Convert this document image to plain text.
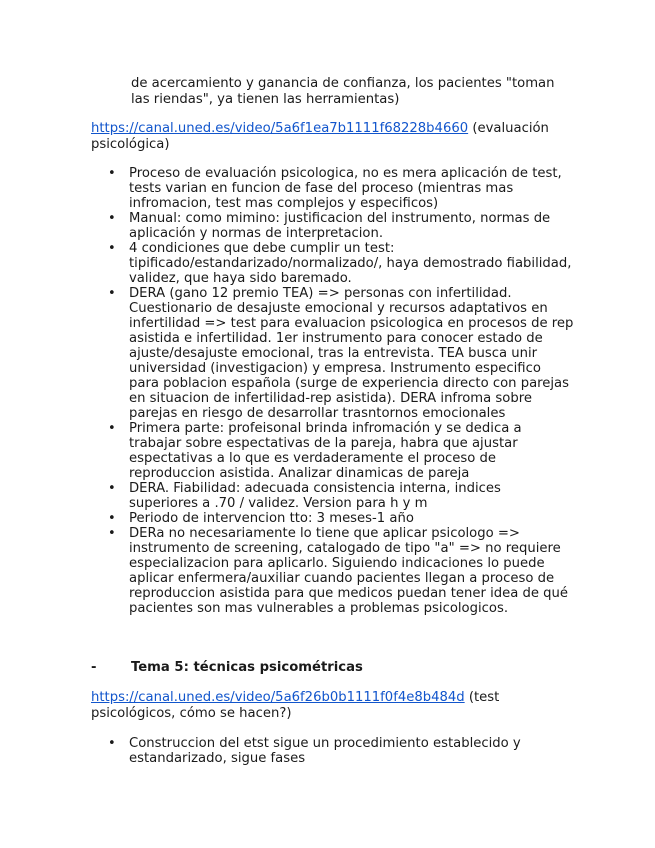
de acercamiento y ganancia de confianza, los pacientes "toman
las riendas", ya tienen las herramientas)
https://canal.uned.es/video/5a6f1ea7b1111f68228b4660 (evaluación
psicológica)
• Proceso de evaluación psicologica, no es mera aplicación de test,
tests varian en funcion de fase del proceso (mientras mas
infromacion, test mas complejos y especificos)
• Manual: como mimino: justificacion del instrumento, normas de
aplicación y normas de interpretacion.
• 4 condiciones que debe cumplir un test:
tipificado/estandarizado/normalizado/, haya demostrado fiabilidad,
validez, que haya sido baremado.
• DERA (gano 12 premio TEA) => personas con infertilidad.
Cuestionario de desajuste emocional y recursos adaptativos en
infertilidad => test para evaluacion psicologica en procesos de rep
asistida e infertilidad. 1er instrumento para conocer estado de
ajuste/desajuste emocional, tras la entrevista. TEA busca unir
universidad (investigacion) y empresa. Instrumento especifico
para poblacion española (surge de experiencia directo con parejas
en situacion de infertilidad-rep asistida). DERA infroma sobre
parejas en riesgo de desarrollar trasntornos emocionales
• Primera parte: profeisonal brinda infromación y se dedica a
trabajar sobre espectativas de la pareja, habra que ajustar
espectativas a lo que es verdaderamente el proceso de
reproduccion asistida. Analizar dinamicas de pareja
• DERA. Fiabilidad: adecuada consistencia interna, indices
superiores a .70 / validez. Version para h y m
• Periodo de intervencion tto: 3 meses-1 año
• DERa no necesariamente lo tiene que aplicar psicologo =>
instrumento de screening, catalogado de tipo "a" => no requiere
especializacion para aplicarlo. Siguiendo indicaciones lo puede
aplicar enfermera/auxiliar cuando pacientes llegan a proceso de
reproduccion asistida para que medicos puedan tener idea de qué
pacientes son mas vulnerables a problemas psicologicos.
-	Tema 5: técnicas psicométricas
https://canal.uned.es/video/5a6f26b0b1111f0f4e8b484d (test
psicológicos, cómo se hacen?)
• Construccion del etst sigue un procedimiento establecido y
estandarizado, sigue fases
